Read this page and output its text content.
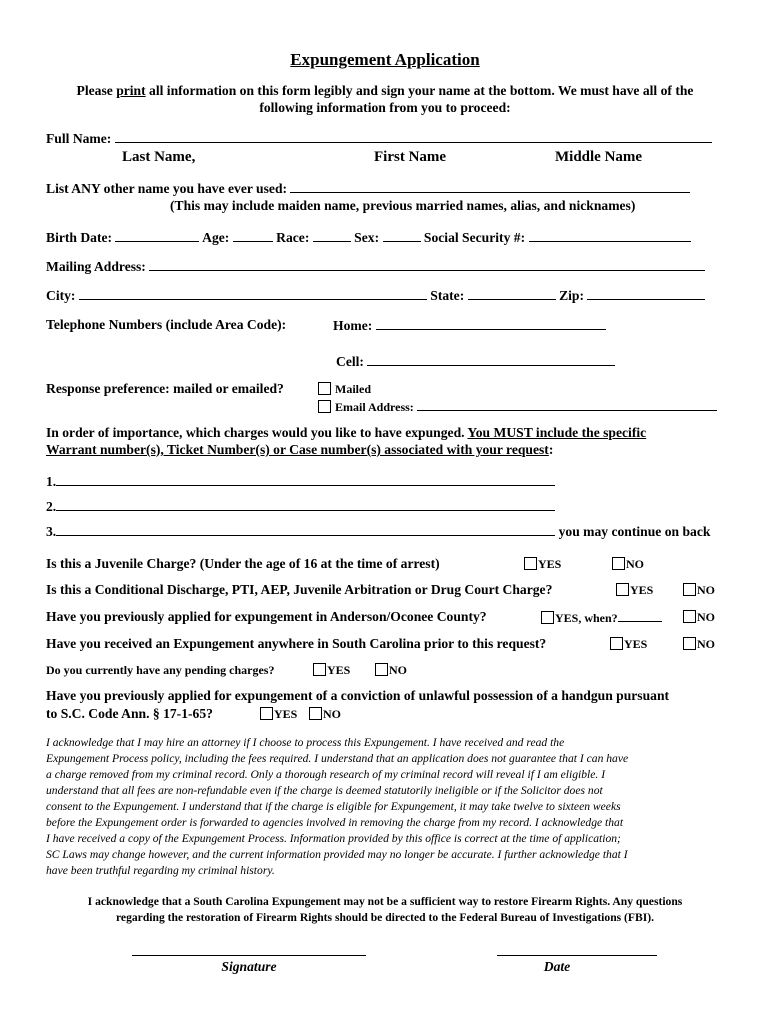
Expungement Application
Please print all information on this form legibly and sign your name at the bottom. We must have all of the
following information from you to proceed:
Full Name:
Last Name,	First Name	Middle Name
List ANY other name you have ever used:
(This may include maiden name, previous married names, alias, and nicknames)
Birth Date:	Age:	Race:	Sex:	Social Security #:
Mailing Address:
City:	State:	Zip:
Telephone Numbers (include Area Code):	Home:
Cell:
Response preference: mailed or emailed?	Mailed
Email Address:
In order of importance, which charges would you like to have expunged. You MUST include the specific
Warrant number(s), Ticket Number(s) or Case number(s) associated with your request:
1.
2.
3.	you may continue on back
Is this a Juvenile Charge? (Under the age of 16 at the time of arrest)	YES	NO
Is this a Conditional Discharge, PTI, AEP, Juvenile Arbitration or Drug Court Charge?	YES	NO
Have you previously applied for expungement in Anderson/Oconee County?	YES, when?	NO
Have you received an Expungement anywhere in South Carolina prior to this request?	YES	NO
Do you currently have any pending charges?	YES	NO
Have you previously applied for expungement of a conviction of unlawful possession of a handgun pursuant
to S.C. Code Ann. § 17-1-65?	YES	NO
I acknowledge that I may hire an attorney if I choose to process this Expungement. I have received and read the
Expungement Process policy, including the fees required. I understand that an application does not guarantee that I can have
a charge removed from my criminal record. Only a thorough research of my criminal record will reveal if I am eligible. I
understand that all fees are non-refundable even if the charge is deemed statutorily ineligible or if the Solicitor does not
consent to the Expungement. I understand that if the charge is eligible for Expungement, it may take twelve to sixteen weeks
before the Expungement order is forwarded to agencies involved in removing the charge from my record. I acknowledge that
I have received a copy of the Expungement Process. Information provided by this office is correct at the time of application;
SC Laws may change however, and the current information provided may no longer be accurate. I further acknowledge that I
have been truthful regarding my criminal history.
I acknowledge that a South Carolina Expungement may not be a sufficient way to restore Firearm Rights. Any questions
regarding the restoration of Firearm Rights should be directed to the Federal Bureau of Investigations (FBI).
Signature	Date
